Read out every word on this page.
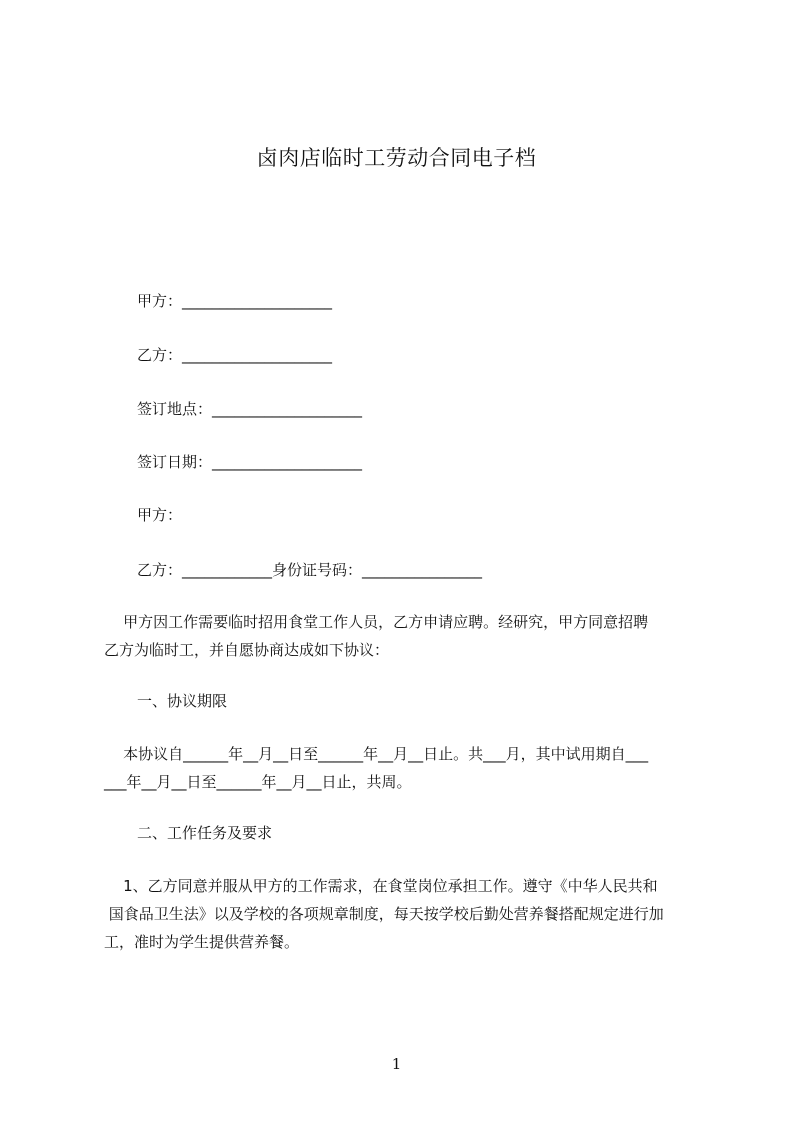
卤肉店临时工劳动合同电子档
甲方：____________________
乙方：____________________
签订地点：____________________
签订日期：____________________
甲方：
乙方：____________身份证号码：________________
甲方因工作需要临时招用食堂工作人员，乙方申请应聘。经研究，甲方同意招聘
乙方为临时工，并自愿协商达成如下协议：
一、协议期限
本协议自______年__月__日至______年__月__日止。共___月，其中试用期自___
___年__月__日至______年__月__日止，共周。
二、工作任务及要求
1、乙方同意并服从甲方的工作需求，在食堂岗位承担工作。遵守《中华人民共和
国食品卫生法》以及学校的各项规章制度，每天按学校后勤处营养餐搭配规定进行加
工，准时为学生提供营养餐。
1
